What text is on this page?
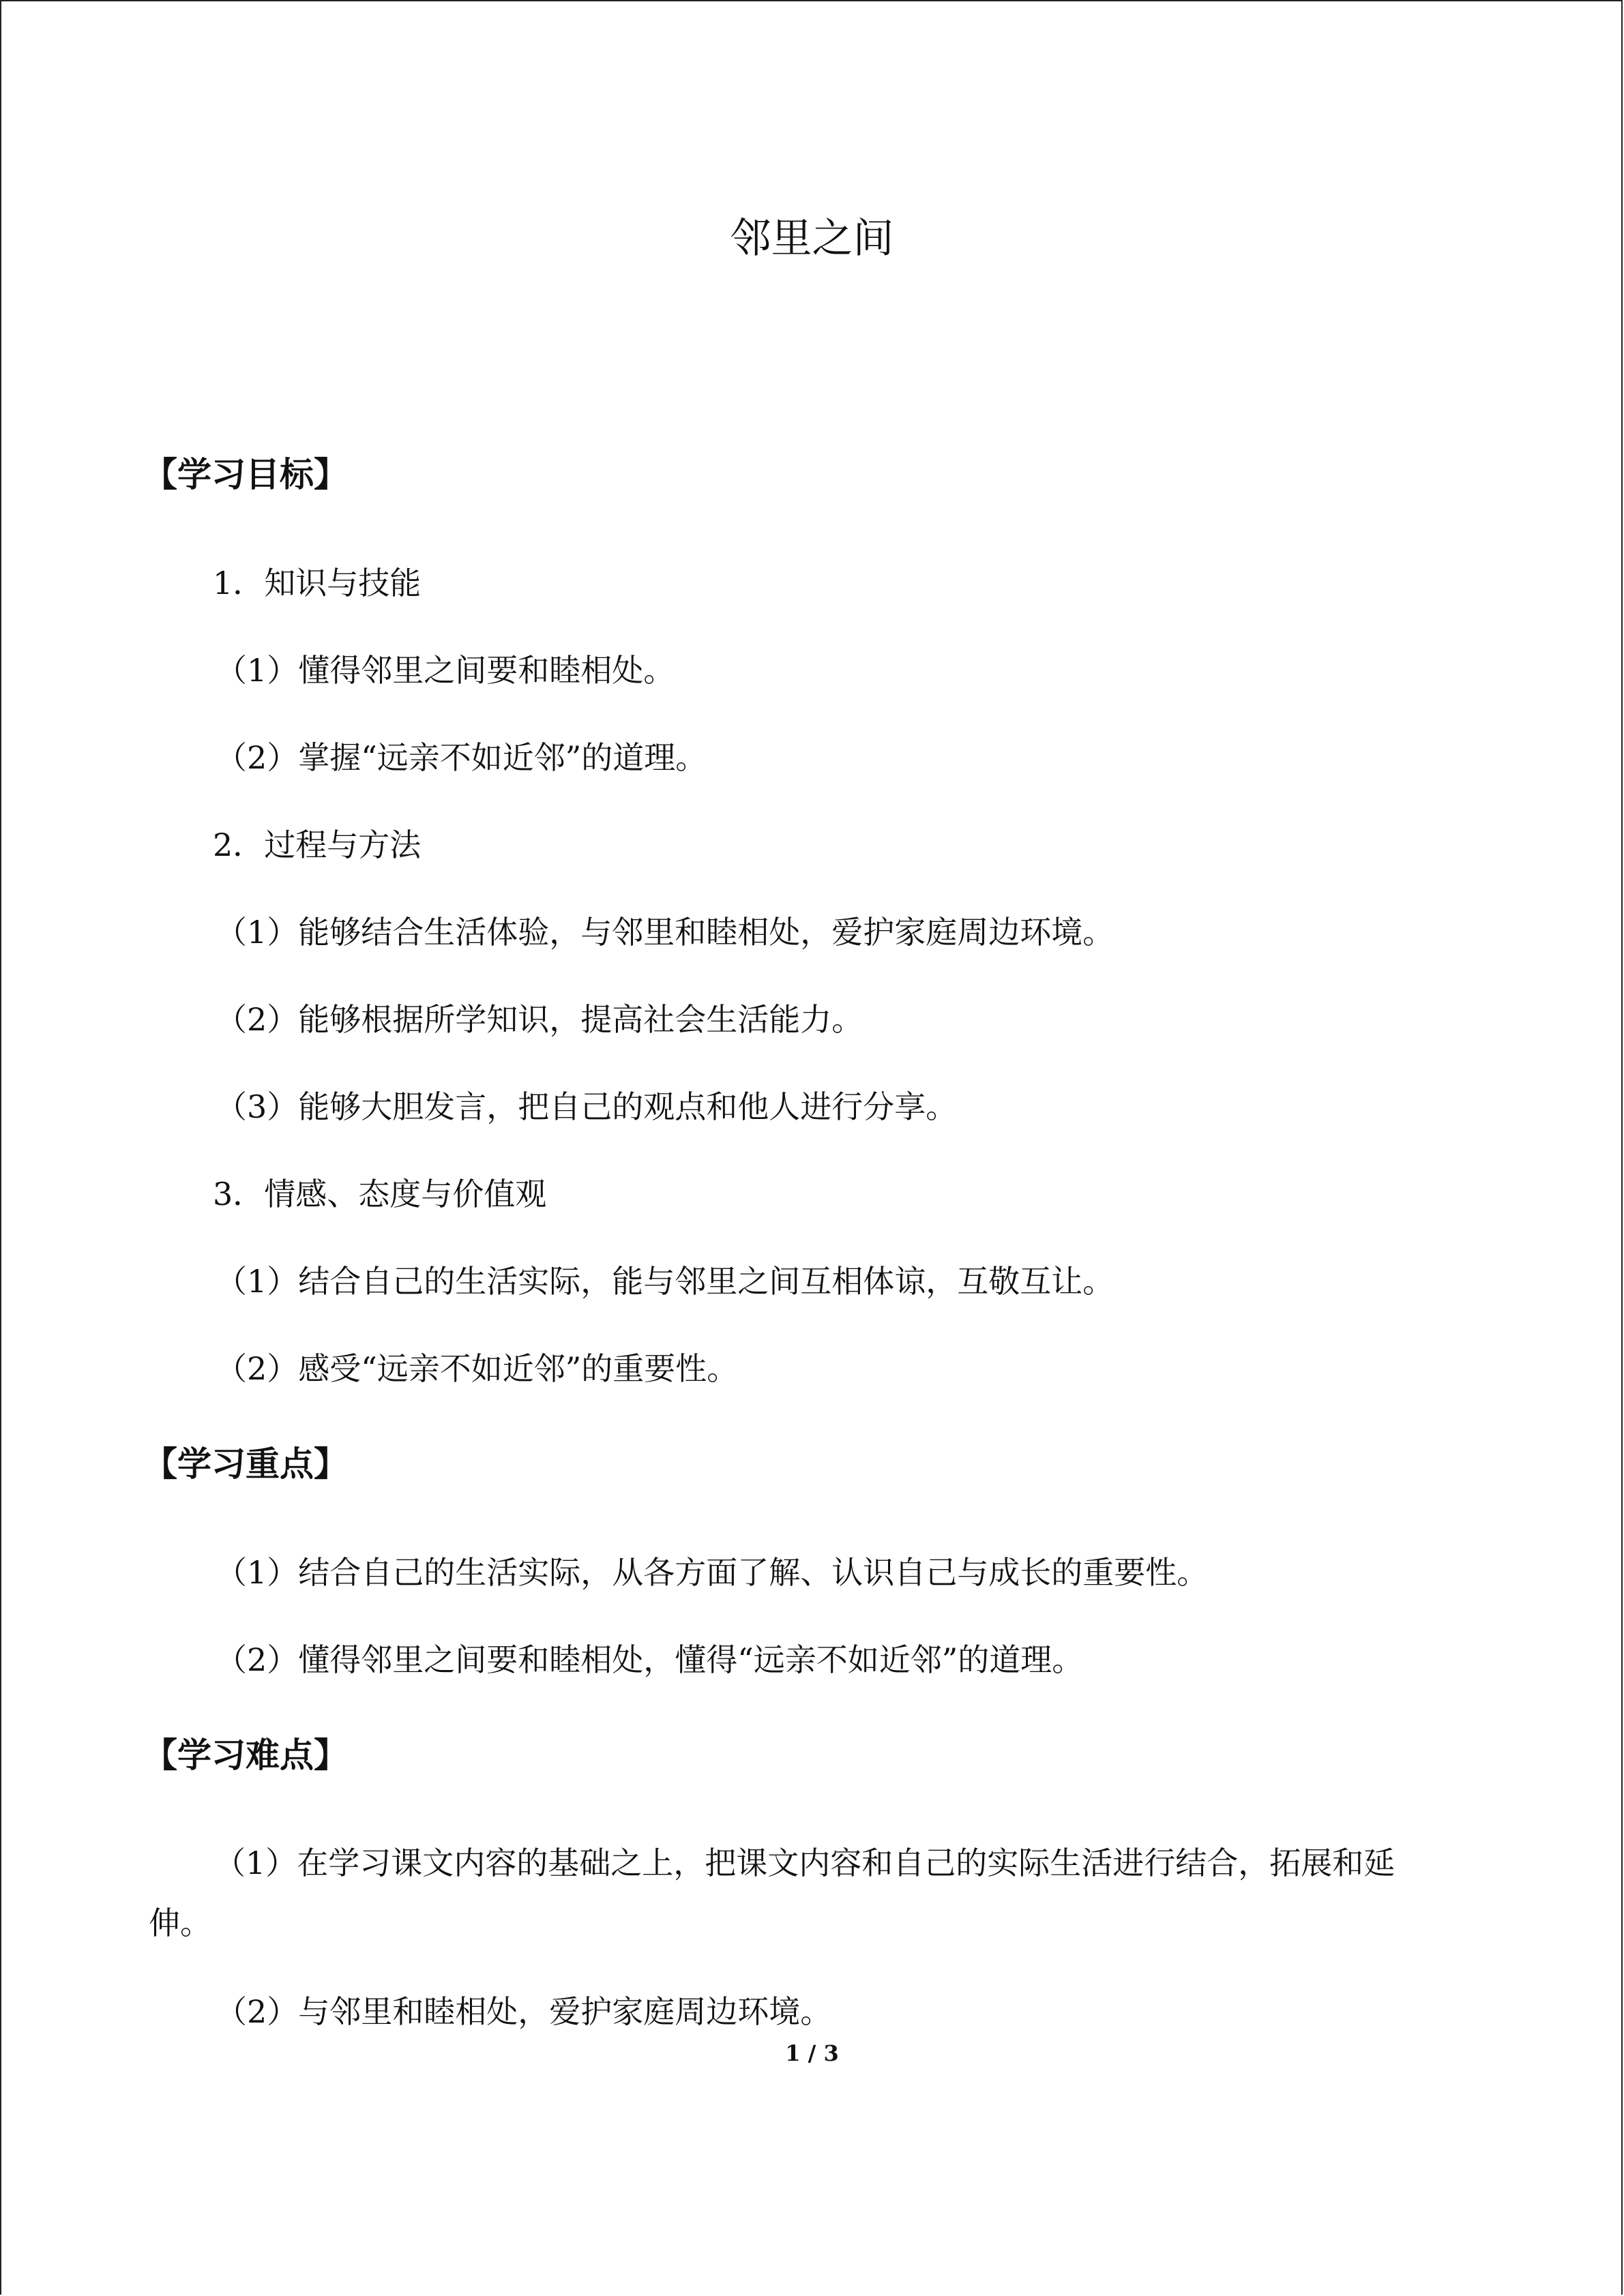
邻里之间
【学习目标】
1．知识与技能
（1）懂得邻里之间要和睦相处。
（2）掌握“远亲不如近邻”的道理。
2．过程与方法
（1）能够结合生活体验，与邻里和睦相处，爱护家庭周边环境。
（2）能够根据所学知识，提高社会生活能力。
（3）能够大胆发言，把自己的观点和他人进行分享。
3．情感、态度与价值观
（1）结合自己的生活实际，能与邻里之间互相体谅，互敬互让。
（2）感受“远亲不如近邻”的重要性。
【学习重点】
（1）结合自己的生活实际，从各方面了解、认识自己与成长的重要性。
（2）懂得邻里之间要和睦相处，懂得“远亲不如近邻”的道理。
【学习难点】
（1）在学习课文内容的基础之上，把课文内容和自己的实际生活进行结合，拓展和延伸。
（2）与邻里和睦相处，爱护家庭周边环境。
1 / 3
